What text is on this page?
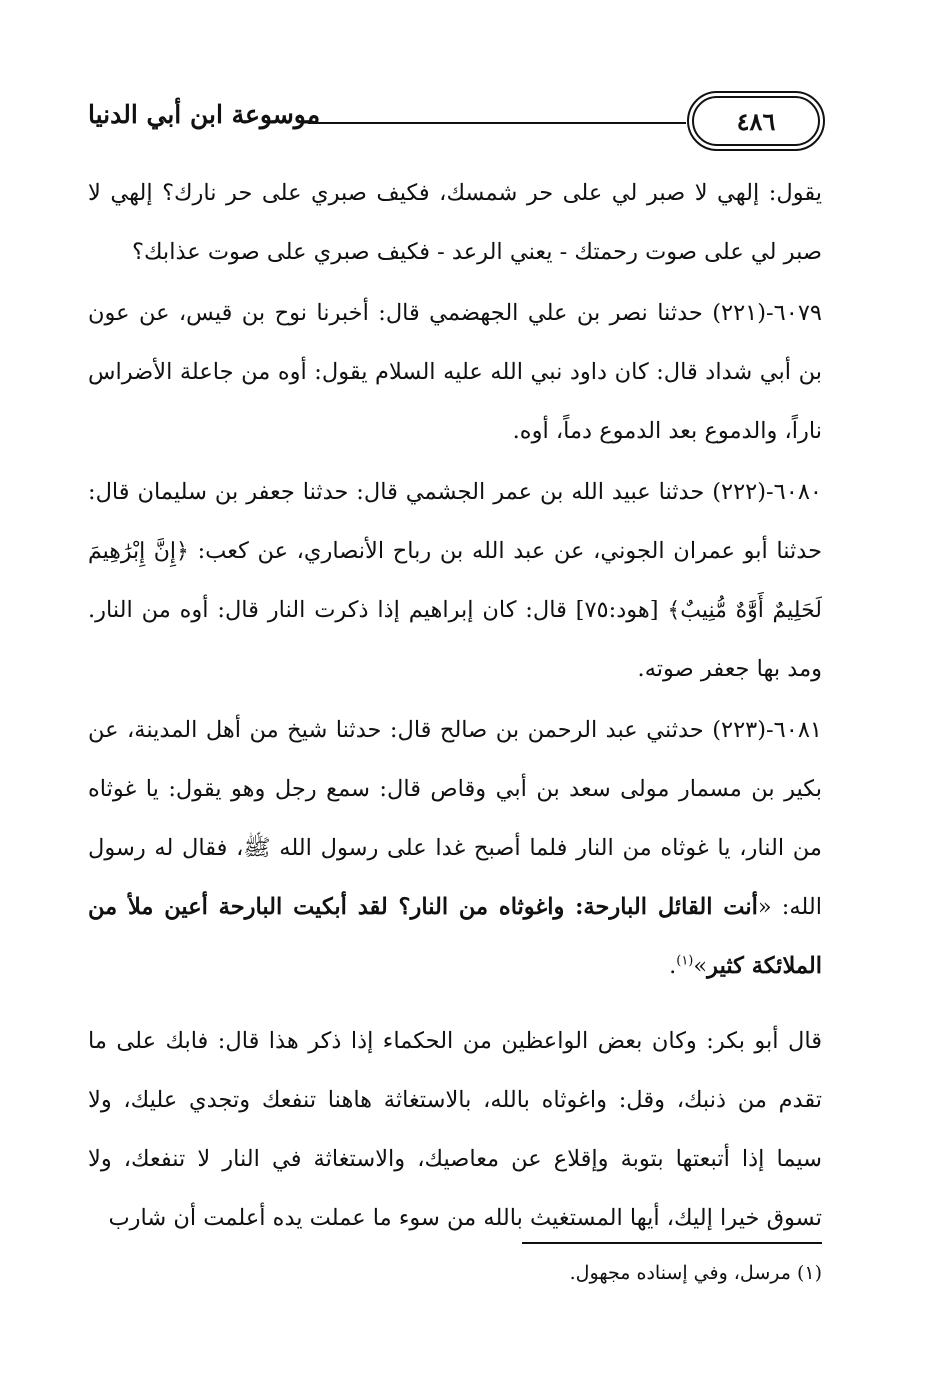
٤٨٦
موسوعة ابن أبي الدنيا

يقول: إلهي لا صبر لي على حر شمسك، فكيف صبري على حر نارك؟ إلهي لا صبر لي على صوت رحمتك - يعني الرعد - فكيف صبري على صوت عذابك؟

٦٠٧٩-(٢٢١) حدثنا نصر بن علي الجهضمي قال: أخبرنا نوح بن قيس، عن عون بن أبي شداد قال: كان داود نبي الله عليه السلام يقول: أوه من جاعلة الأضراس ناراً، والدموع بعد الدموع دماً، أوه.

٦٠٨٠-(٢٢٢) حدثنا عبيد الله بن عمر الجشمي قال: حدثنا جعفر بن سليمان قال: حدثنا أبو عمران الجوني، عن عبد الله بن رباح الأنصاري، عن كعب: ﴿إِنَّ إِبْرَٰهِيمَ لَحَلِيمٌ أَوَّٰهٌ مُّنِيبٌ﴾ [هود:٧٥] قال: كان إبراهيم إذا ذكرت النار قال: أوه من النار. ومد بها جعفر صوته.

٦٠٨١-(٢٢٣) حدثني عبد الرحمن بن صالح قال: حدثنا شيخ من أهل المدينة، عن بكير بن مسمار مولى سعد بن أبي وقاص قال: سمع رجل وهو يقول: يا غوثاه من النار، يا غوثاه من النار فلما أصبح غدا على رسول الله ﷺ، فقال له رسول الله: «أنت القائل البارحة: واغوثاه من النار؟ لقد أبكيت البارحة أعين ملأ من الملائكة كثير»$^{(١)}$.

قال أبو بكر: وكان بعض الواعظين من الحكماء إذا ذكر هذا قال: فابك على ما تقدم من ذنبك، وقل: واغوثاه بالله، بالاستغاثة هاهنا تنفعك وتجدي عليك، ولا سيما إذا أتبعتها بتوبة وإقلاع عن معاصيك، والاستغاثة في النار لا تنفعك، ولا تسوق خيرا إليك، أيها المستغيث بالله من سوء ما عملت يده أعلمت أن شارب

(١) مرسل، وفي إسناده مجهول.
